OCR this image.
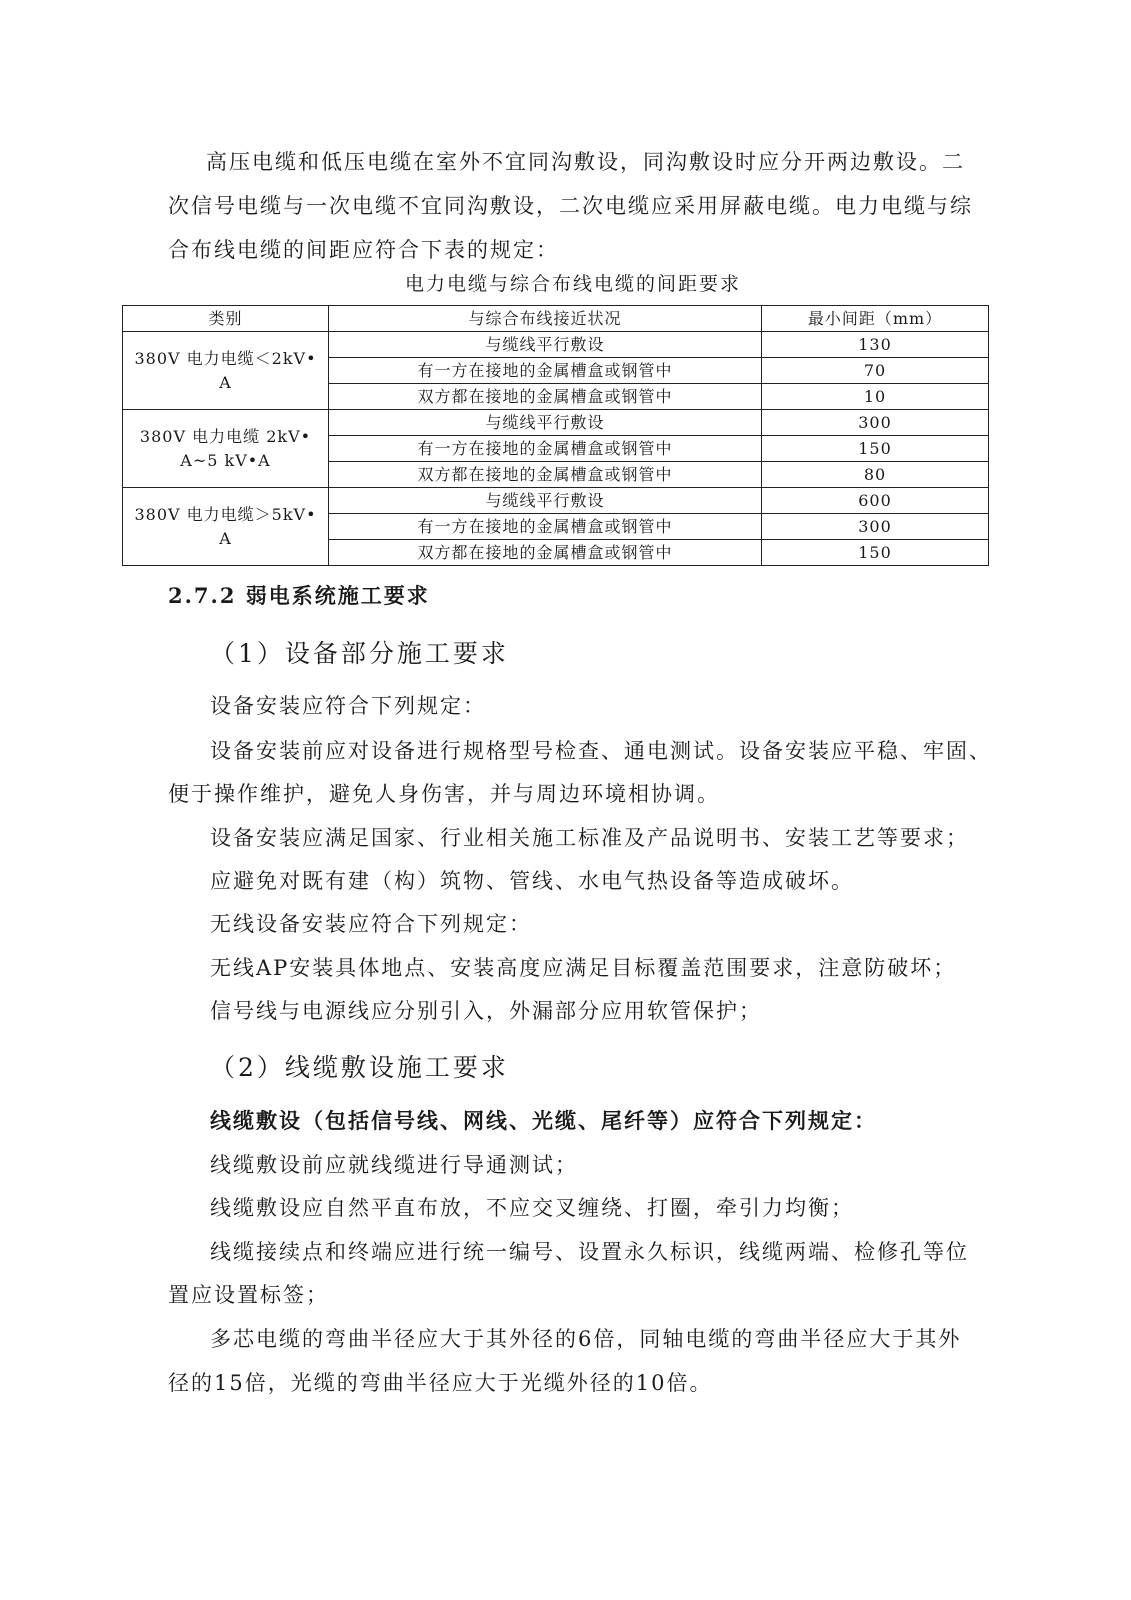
高压电缆和低压电缆在室外不宜同沟敷设，同沟敷设时应分开两边敷设。二
次信号电缆与一次电缆不宜同沟敷设，二次电缆应采用屏蔽电缆。电力电缆与综
合布线电缆的间距应符合下表的规定：
电力电缆与综合布线电缆的间距要求
类别	与综合布线接近状况	最小间距（mm）

380V 电力电缆＜2kV•
A	与缆线平行敷设	130
	有一方在接地的金属槽盒或钢管中	70
	双方都在接地的金属槽盒或钢管中	10

380V 电力电缆 2kV•
A~5 kV•A	与缆线平行敷设	300
	有一方在接地的金属槽盒或钢管中	150
	双方都在接地的金属槽盒或钢管中	80

380V 电力电缆＞5kV•
A	与缆线平行敷设	600
	有一方在接地的金属槽盒或钢管中	300
	双方都在接地的金属槽盒或钢管中	150
2.7.2 弱电系统施工要求
（1）设备部分施工要求
设备安装应符合下列规定：
设备安装前应对设备进行规格型号检查、通电测试。设备安装应平稳、牢固、
便于操作维护，避免人身伤害，并与周边环境相协调。
设备安装应满足国家、行业相关施工标准及产品说明书、安装工艺等要求；
应避免对既有建（构）筑物、管线、水电气热设备等造成破坏。
无线设备安装应符合下列规定：
无线AP安装具体地点、安装高度应满足目标覆盖范围要求，注意防破坏；
信号线与电源线应分别引入，外漏部分应用软管保护；
（2）线缆敷设施工要求
线缆敷设（包括信号线、网线、光缆、尾纤等）应符合下列规定：
线缆敷设前应就线缆进行导通测试；
线缆敷设应自然平直布放，不应交叉缠绕、打圈，牵引力均衡；
线缆接续点和终端应进行统一编号、设置永久标识，线缆两端、检修孔等位
置应设置标签；
多芯电缆的弯曲半径应大于其外径的6倍，同轴电缆的弯曲半径应大于其外
径的15倍，光缆的弯曲半径应大于光缆外径的10倍。
